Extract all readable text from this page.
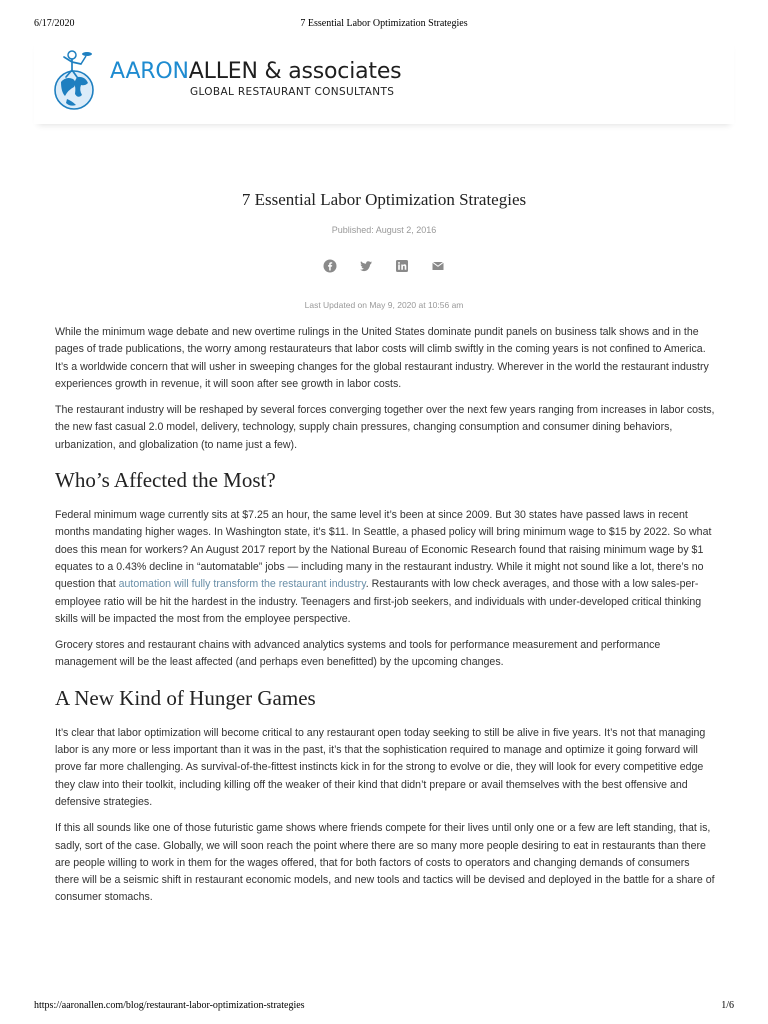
6/17/2020	7 Essential Labor Optimization Strategies
AARONALLEN & associates
GLOBAL RESTAURANT CONSULTANTS
7 Essential Labor Optimization Strategies
Published: August 2, 2016

Last Updated on May 9, 2020 at 10:56 am

While the minimum wage debate and new overtime rulings in the United States dominate pundit panels on business talk shows and in the pages of trade publications, the worry among restaurateurs that labor costs will climb swiftly in the coming years is not confined to America. It’s a worldwide concern that will usher in sweeping changes for the global restaurant industry. Wherever in the world the restaurant industry experiences growth in revenue, it will soon after see growth in labor costs.

The restaurant industry will be reshaped by several forces converging together over the next few years ranging from increases in labor costs, the new fast casual 2.0 model, delivery, technology, supply chain pressures, changing consumption and consumer dining behaviors, urbanization, and globalization (to name just a few).

Who’s Affected the Most?

Federal minimum wage currently sits at $7.25 an hour, the same level it’s been at since 2009. But 30 states have passed laws in recent months mandating higher wages. In Washington state, it’s $11. In Seattle, a phased policy will bring minimum wage to $15 by 2022. So what does this mean for workers? An August 2017 report by the National Bureau of Economic Research found that raising minimum wage by $1 equates to a 0.43% decline in “automatable” jobs — including many in the restaurant industry. While it might not sound like a lot, there’s no question that automation will fully transform the restaurant industry. Restaurants with low check averages, and those with a low sales-per-employee ratio will be hit the hardest in the industry. Teenagers and first-job seekers, and individuals with under-developed critical thinking skills will be impacted the most from the employee perspective.

Grocery stores and restaurant chains with advanced analytics systems and tools for performance measurement and performance management will be the least affected (and perhaps even benefitted) by the upcoming changes.

A New Kind of Hunger Games

It’s clear that labor optimization will become critical to any restaurant open today seeking to still be alive in five years. It’s not that managing labor is any more or less important than it was in the past, it’s that the sophistication required to manage and optimize it going forward will prove far more challenging. As survival-of-the-fittest instincts kick in for the strong to evolve or die, they will look for every competitive edge they claw into their toolkit, including killing off the weaker of their kind that didn’t prepare or avail themselves with the best offensive and defensive strategies.

If this all sounds like one of those futuristic game shows where friends compete for their lives until only one or a few are left standing, that is, sadly, sort of the case. Globally, we will soon reach the point where there are so many more people desiring to eat in restaurants than there are people willing to work in them for the wages offered, that for both factors of costs to operators and changing demands of consumers there will be a seismic shift in restaurant economic models, and new tools and tactics will be devised and deployed in the battle for a share of consumer stomachs.

https://aaronallen.com/blog/restaurant-labor-optimization-strategies	1/6
